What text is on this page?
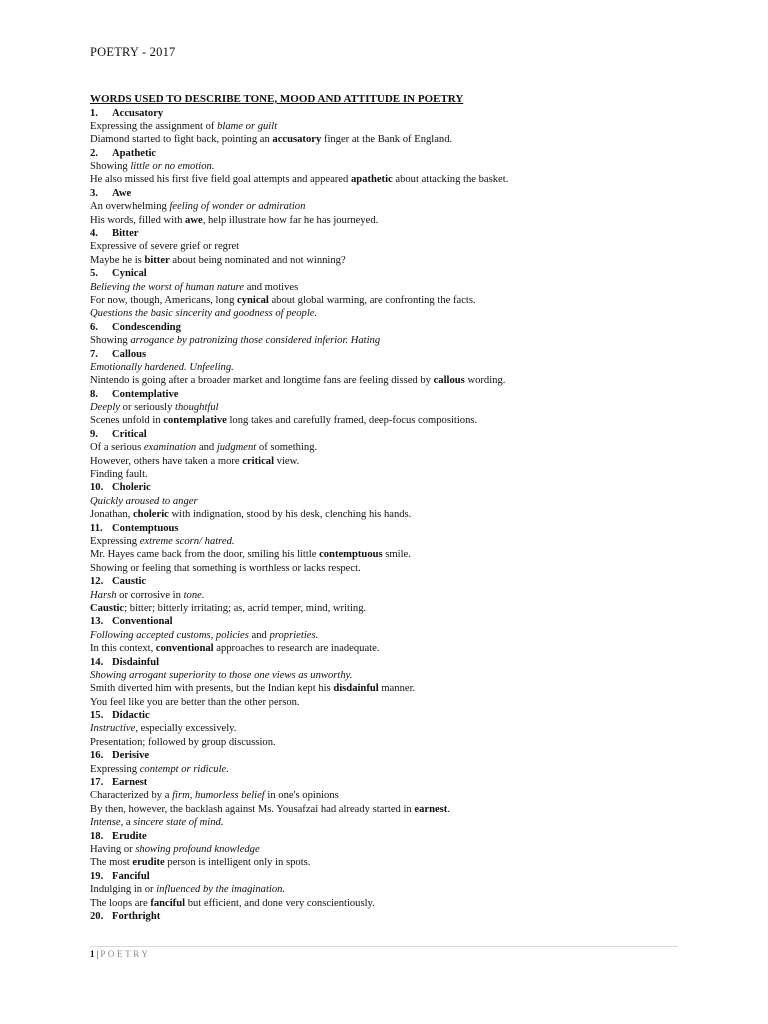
POETRY - 2017
WORDS USED TO DESCRIBE TONE, MOOD AND ATTITUDE IN POETRY
1. Accusatory
Expressing the assignment of blame or guilt
Diamond started to fight back, pointing an accusatory finger at the Bank of England.
2. Apathetic
Showing little or no emotion.
He also missed his first five field goal attempts and appeared apathetic about attacking the basket.
3. Awe
An overwhelming feeling of wonder or admiration
His words, filled with awe, help illustrate how far he has journeyed.
4. Bitter
Expressive of severe grief or regret
Maybe he is bitter about being nominated and not winning?
5. Cynical
Believing the worst of human nature and motives
For now, though, Americans, long cynical about global warming, are confronting the facts.
Questions the basic sincerity and goodness of people.
6. Condescending
Showing arrogance by patronizing those considered inferior. Hating
7. Callous
Emotionally hardened. Unfeeling.
Nintendo is going after a broader market and longtime fans are feeling dissed by callous wording.
8. Contemplative
Deeply or seriously thoughtful
Scenes unfold in contemplative long takes and carefully framed, deep-focus compositions.
9. Critical
Of a serious examination and judgment of something.
However, others have taken a more critical view.
Finding fault.
10. Choleric
Quickly aroused to anger
Jonathan, choleric with indignation, stood by his desk, clenching his hands.
11. Contemptuous
Expressing extreme scorn/ hatred.
Mr. Hayes came back from the door, smiling his little contemptuous smile.
Showing or feeling that something is worthless or lacks respect.
12. Caustic
Harsh or corrosive in tone.
Caustic; bitter; bitterly irritating; as, acrid temper, mind, writing.
13. Conventional
Following accepted customs, policies and proprieties.
In this context, conventional approaches to research are inadequate.
14. Disdainful
Showing arrogant superiority to those one views as unworthy.
Smith diverted him with presents, but the Indian kept his disdainful manner.
You feel like you are better than the other person.
15. Didactic
Instructive, especially excessively.
Presentation; followed by group discussion.
16. Derisive
Expressing contempt or ridicule.
17. Earnest
Characterized by a firm, humorless belief in one's opinions
By then, however, the backlash against Ms. Yousafzai had already started in earnest.
Intense, a sincere state of mind.
18. Erudite
Having or showing profound knowledge
The most erudite person is intelligent only in spots.
19. Fanciful
Indulging in or influenced by the imagination.
The loops are fanciful but efficient, and done very conscientiously.
20. Forthright
1 | POETRY
